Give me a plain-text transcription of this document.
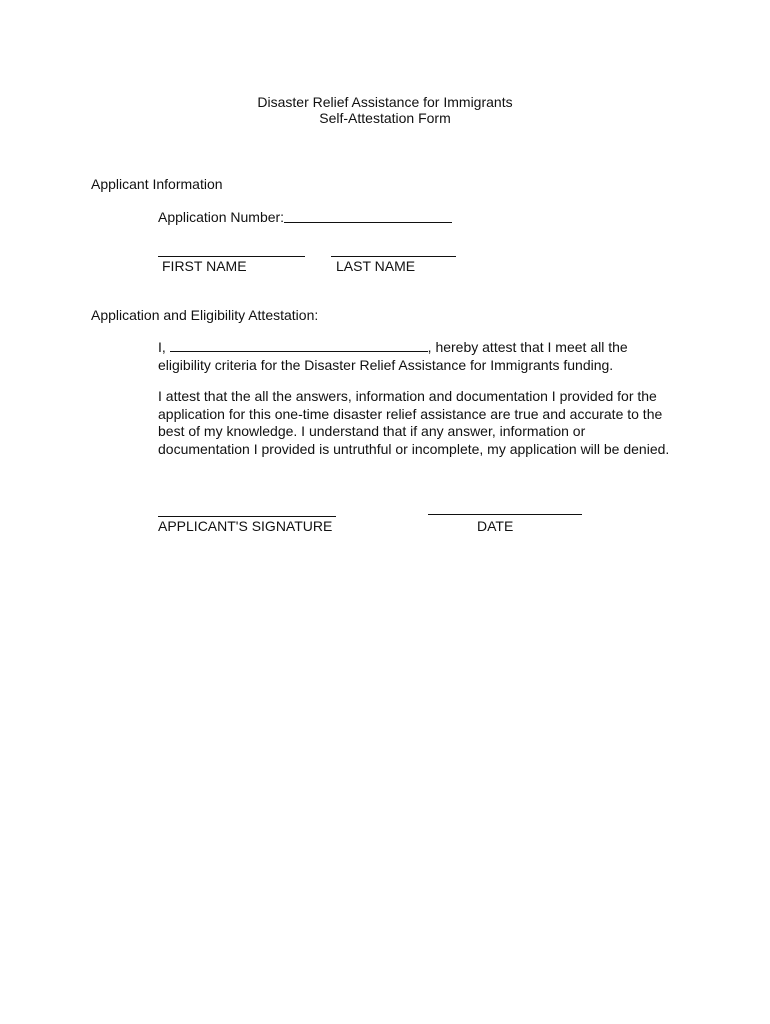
Disaster Relief Assistance for Immigrants
Self-Attestation Form
Applicant Information
Application Number:
FIRST NAME	LAST NAME
Application and Eligibility Attestation:
I,	, hereby attest that I meet all the
eligibility criteria for the Disaster Relief Assistance for Immigrants funding.
I attest that the all the answers, information and documentation I provided for the
application for this one-time disaster relief assistance are true and accurate to the
best of my knowledge. I understand that if any answer, information or
documentation I provided is untruthful or incomplete, my application will be denied.
APPLICANT'S SIGNATURE	DATE
